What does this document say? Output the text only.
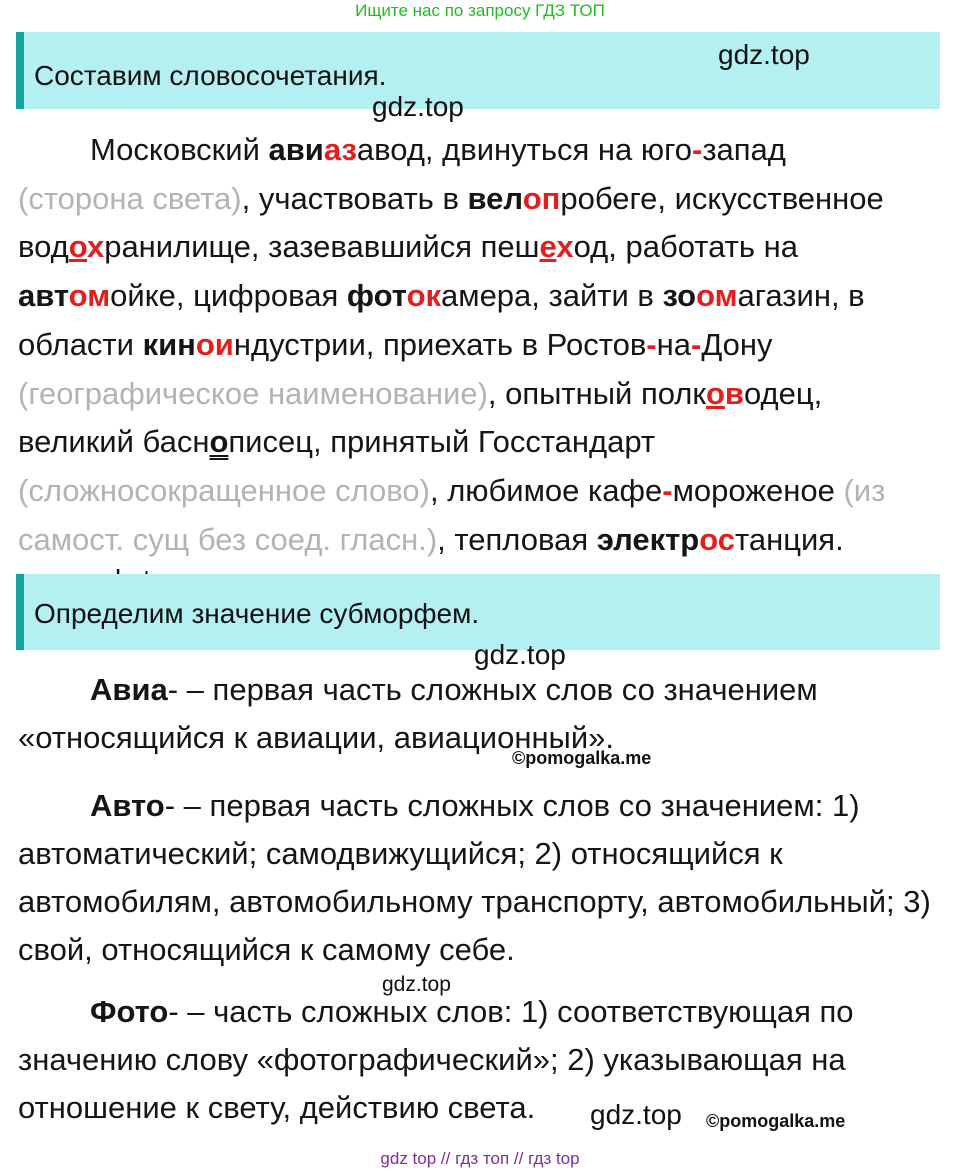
Ищите нас по запросу ГДЗ ТОП
Составим словосочетания.
gdz.top
gdz.top
Московский авиазавод, двинуться на юго-запад
(сторона света), участвовать в велопробеге, искусственное
водохранилище, зазевавшийся пешеход, работать на
автомойке, цифровая фотокамера, зайти в зоомагазин, в
области киноиндустрии, приехать в Ростов-на-Дону
(географическое наименование), опытный полководец,
великий баснописец, принятый Госстандарт
(сложносокращенное слово), любимое кафе-мороженое (из
самост. сущ без соед. гласн.), тепловая электростанция.
Определим значение субморфем.
gdz.top
Авиа- – первая часть сложных слов со значением «относящийся к авиации, авиационный».
©pomogalka.me
Авто- – первая часть сложных слов со значением: 1) автоматический; самодвижущийся; 2) относящийся к автомобилям, автомобильному транспорту, автомобильный; 3) свой, относящийся к самому себе.
gdz.top
Фото- – часть сложных слов: 1) соответствующая по значению слову «фотографический»; 2) указывающая на отношение к свету, действию света.	gdz.top ©pomogalka.me
gdz top // гдз топ // гдз top
